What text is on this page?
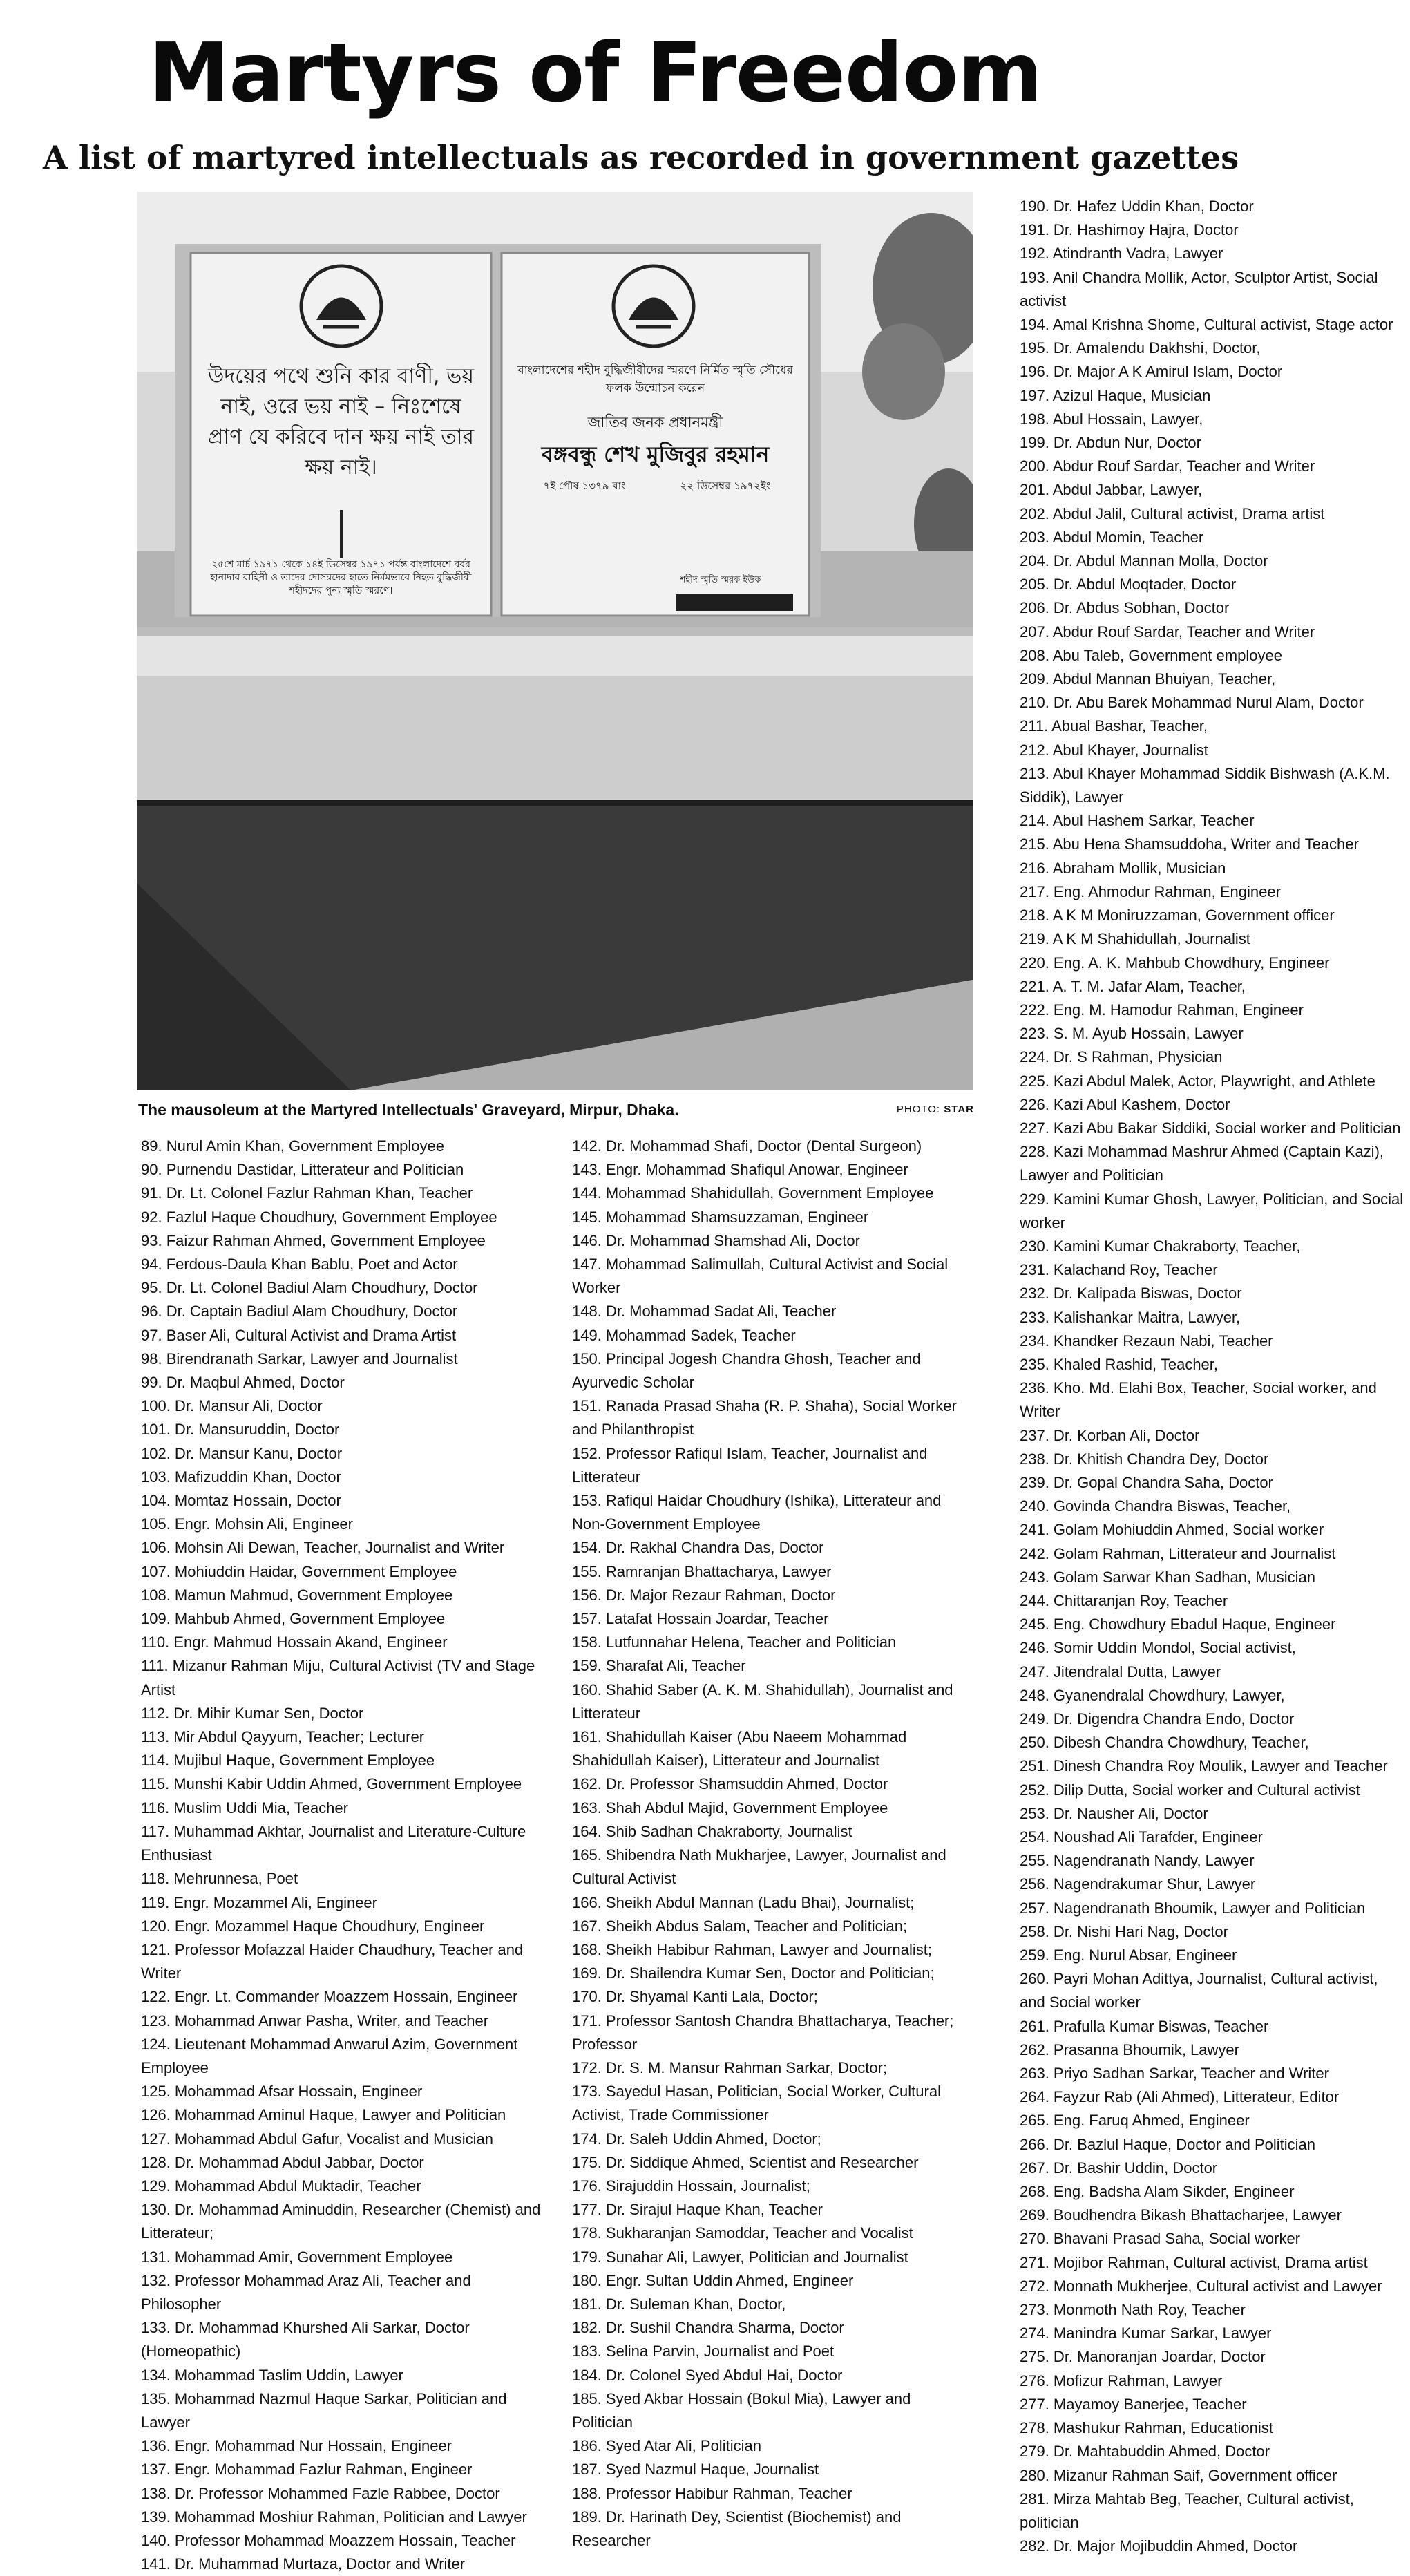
Martyrs of Freedom
A list of martyred intellectuals as recorded in government gazettes
উদয়ের পথে শুনি কার বাণী, ভয় নাই, ওরে ভয় নাই – নিঃশেষে প্রাণ যে করিবে দান ক্ষয় নাই তার ক্ষয় নাই।
২৫শে মার্চ ১৯৭১ থেকে ১৪ই ডিসেম্বর ১৯৭১ পর্যন্ত বাংলাদেশে বর্বর হানাদার বাহিনী ও তাদের দোসরদের হাতে নির্মমভাবে নিহত বুদ্ধিজীবী শহীদদের পুন্য স্মৃতি স্মরণে।
বাংলাদেশের শহীদ বুদ্ধিজীবীদের স্মরণে নির্মিত স্মৃতি সৌধের ফলক উন্মোচন করেন
জাতির জনক প্রধানমন্ত্রী
বঙ্গবন্ধু শেখ মুজিবুর রহমান
৭ই পৌষ ১৩৭৯ বাং	২২ ডিসেম্বর ১৯৭২ইং
শহীদ স্মৃতি স্মরক ইউক
The mausoleum at the Martyred Intellectuals' Graveyard, Mirpur, Dhaka.	PHOTO: STAR
89. Nurul Amin Khan, Government Employee
90. Purnendu Dastidar, Litterateur and Politician
91. Dr. Lt. Colonel Fazlur Rahman Khan, Teacher
92. Fazlul Haque Choudhury, Government Employee
93. Faizur Rahman Ahmed, Government Employee
94. Ferdous-Daula Khan Bablu, Poet and Actor
95. Dr. Lt. Colonel Badiul Alam Choudhury, Doctor
96. Dr. Captain Badiul Alam Choudhury, Doctor
97. Baser Ali, Cultural Activist and Drama Artist
98. Birendranath Sarkar, Lawyer and Journalist
99. Dr. Maqbul Ahmed, Doctor
100. Dr. Mansur Ali, Doctor
101. Dr. Mansuruddin, Doctor
102. Dr. Mansur Kanu, Doctor
103. Mafizuddin Khan, Doctor
104. Momtaz Hossain, Doctor
105. Engr. Mohsin Ali, Engineer
106. Mohsin Ali Dewan, Teacher, Journalist and Writer
107. Mohiuddin Haidar, Government Employee
108. Mamun Mahmud, Government Employee
109. Mahbub Ahmed, Government Employee
110. Engr. Mahmud Hossain Akand, Engineer
111. Mizanur Rahman Miju, Cultural Activist (TV and Stage Artist
112. Dr. Mihir Kumar Sen, Doctor
113. Mir Abdul Qayyum, Teacher; Lecturer
114. Mujibul Haque, Government Employee
115. Munshi Kabir Uddin Ahmed, Government Employee
116. Muslim Uddi Mia, Teacher
117. Muhammad Akhtar, Journalist and Literature-Culture Enthusiast
118. Mehrunnesa, Poet
119. Engr. Mozammel Ali, Engineer
120. Engr. Mozammel Haque Choudhury, Engineer
121. Professor Mofazzal Haider Chaudhury, Teacher and Writer
122. Engr. Lt. Commander Moazzem Hossain, Engineer
123. Mohammad Anwar Pasha, Writer, and Teacher
124. Lieutenant Mohammad Anwarul Azim, Government Employee
125. Mohammad Afsar Hossain, Engineer
126. Mohammad Aminul Haque, Lawyer and Politician
127. Mohammad Abdul Gafur, Vocalist and Musician
128. Dr. Mohammad Abdul Jabbar, Doctor
129. Mohammad Abdul Muktadir, Teacher
130. Dr. Mohammad Aminuddin, Researcher (Chemist) and Litterateur;
131. Mohammad Amir, Government Employee
132. Professor Mohammad Araz Ali, Teacher and Philosopher
133. Dr. Mohammad Khurshed Ali Sarkar, Doctor (Homeopathic)
134. Mohammad Taslim Uddin, Lawyer
135. Mohammad Nazmul Haque Sarkar, Politician and Lawyer
136. Engr. Mohammad Nur Hossain, Engineer
137. Engr. Mohammad Fazlur Rahman, Engineer
138. Dr. Professor Mohammed Fazle Rabbee, Doctor
139. Mohammad Moshiur Rahman, Politician and Lawyer
140. Professor Mohammad Moazzem Hossain, Teacher
141. Dr. Muhammad Murtaza, Doctor and Writer
142. Dr. Mohammad Shafi, Doctor (Dental Surgeon)
143. Engr. Mohammad Shafiqul Anowar, Engineer
144. Mohammad Shahidullah, Government Employee
145. Mohammad Shamsuzzaman, Engineer
146. Dr. Mohammad Shamshad Ali, Doctor
147. Mohammad Salimullah, Cultural Activist and Social Worker
148. Dr. Mohammad Sadat Ali, Teacher
149. Mohammad Sadek, Teacher
150. Principal Jogesh Chandra Ghosh, Teacher and Ayurvedic Scholar
151. Ranada Prasad Shaha (R. P. Shaha), Social Worker and Philanthropist
152. Professor Rafiqul Islam, Teacher, Journalist and Litterateur
153. Rafiqul Haidar Choudhury (Ishika), Litterateur and Non-Government Employee
154. Dr. Rakhal Chandra Das, Doctor
155. Ramranjan Bhattacharya, Lawyer
156. Dr. Major Rezaur Rahman, Doctor
157. Latafat Hossain Joardar, Teacher
158. Lutfunnahar Helena, Teacher and Politician
159. Sharafat Ali, Teacher
160. Shahid Saber (A. K. M. Shahidullah), Journalist and Litterateur
161. Shahidullah Kaiser (Abu Naeem Mohammad Shahidullah Kaiser), Litterateur and Journalist
162. Dr. Professor Shamsuddin Ahmed, Doctor
163. Shah Abdul Majid, Government Employee
164. Shib Sadhan Chakraborty, Journalist
165. Shibendra Nath Mukharjee, Lawyer, Journalist and Cultural Activist
166. Sheikh Abdul Mannan (Ladu Bhai), Journalist;
167. Sheikh Abdus Salam, Teacher and Politician;
168. Sheikh Habibur Rahman, Lawyer and Journalist;
169. Dr. Shailendra Kumar Sen, Doctor and Politician;
170. Dr. Shyamal Kanti Lala, Doctor;
171. Professor Santosh Chandra Bhattacharya, Teacher; Professor
172. Dr. S. M. Mansur Rahman Sarkar, Doctor;
173. Sayedul Hasan, Politician, Social Worker, Cultural Activist, Trade Commissioner
174. Dr. Saleh Uddin Ahmed, Doctor;
175. Dr. Siddique Ahmed, Scientist and Researcher
176. Sirajuddin Hossain, Journalist;
177. Dr. Sirajul Haque Khan, Teacher
178. Sukharanjan Samoddar, Teacher and Vocalist
179. Sunahar Ali, Lawyer, Politician and Journalist
180. Engr. Sultan Uddin Ahmed, Engineer
181. Dr. Suleman Khan, Doctor,
182. Dr. Sushil Chandra Sharma, Doctor
183. Selina Parvin, Journalist and Poet
184. Dr. Colonel Syed Abdul Hai, Doctor
185. Syed Akbar Hossain (Bokul Mia), Lawyer and Politician
186. Syed Atar Ali, Politician
187. Syed Nazmul Haque, Journalist
188. Professor Habibur Rahman, Teacher
189. Dr. Harinath Dey, Scientist (Biochemist) and Researcher
190. Dr. Hafez Uddin Khan, Doctor
191. Dr. Hashimoy Hajra, Doctor
192. Atindranth Vadra, Lawyer
193. Anil Chandra Mollik, Actor, Sculptor Artist, Social activist
194. Amal Krishna Shome, Cultural activist, Stage actor
195. Dr. Amalendu Dakhshi, Doctor,
196. Dr. Major A K Amirul Islam, Doctor
197. Azizul Haque, Musician
198. Abul Hossain, Lawyer,
199. Dr. Abdun Nur, Doctor
200. Abdur Rouf Sardar, Teacher and Writer
201. Abdul Jabbar, Lawyer,
202. Abdul Jalil, Cultural activist, Drama artist
203. Abdul Momin, Teacher
204. Dr. Abdul Mannan Molla, Doctor
205. Dr. Abdul Moqtader, Doctor
206. Dr. Abdus Sobhan, Doctor
207. Abdur Rouf Sardar, Teacher and Writer
208. Abu Taleb, Government employee
209. Abdul Mannan Bhuiyan, Teacher,
210. Dr. Abu Barek Mohammad Nurul Alam, Doctor
211. Abual Bashar, Teacher,
212. Abul Khayer, Journalist
213. Abul Khayer Mohammad Siddik Bishwash (A.K.M. Siddik), Lawyer
214. Abul Hashem Sarkar, Teacher
215. Abu Hena Shamsuddoha, Writer and Teacher
216. Abraham Mollik, Musician
217. Eng. Ahmodur Rahman, Engineer
218. A K M Moniruzzaman, Government officer
219. A K M Shahidullah, Journalist
220. Eng. A. K. Mahbub Chowdhury, Engineer
221. A. T. M. Jafar Alam, Teacher,
222. Eng. M. Hamodur Rahman, Engineer
223. S. M. Ayub Hossain, Lawyer
224. Dr. S Rahman, Physician
225. Kazi Abdul Malek, Actor, Playwright, and Athlete
226. Kazi Abul Kashem, Doctor
227. Kazi Abu Bakar Siddiki, Social worker and Politician
228. Kazi Mohammad Mashrur Ahmed (Captain Kazi), Lawyer and Politician
229. Kamini Kumar Ghosh, Lawyer, Politician, and Social worker
230. Kamini Kumar Chakraborty, Teacher,
231. Kalachand Roy, Teacher
232. Dr. Kalipada Biswas, Doctor
233. Kalishankar Maitra, Lawyer,
234. Khandker Rezaun Nabi, Teacher
235. Khaled Rashid, Teacher,
236. Kho. Md. Elahi Box, Teacher, Social worker, and Writer
237. Dr. Korban Ali, Doctor
238. Dr. Khitish Chandra Dey, Doctor
239. Dr. Gopal Chandra Saha, Doctor
240. Govinda Chandra Biswas, Teacher,
241. Golam Mohiuddin Ahmed, Social worker
242. Golam Rahman, Litterateur and Journalist
243. Golam Sarwar Khan Sadhan, Musician
244. Chittaranjan Roy, Teacher
245. Eng. Chowdhury Ebadul Haque, Engineer
246. Somir Uddin Mondol, Social activist,
247. Jitendralal Dutta, Lawyer
248. Gyanendralal Chowdhury, Lawyer,
249. Dr. Digendra Chandra Endo, Doctor
250. Dibesh Chandra Chowdhury, Teacher,
251. Dinesh Chandra Roy Moulik, Lawyer and Teacher
252. Dilip Dutta, Social worker and Cultural activist
253. Dr. Nausher Ali, Doctor
254. Noushad Ali Tarafder, Engineer
255. Nagendranath Nandy, Lawyer
256. Nagendrakumar Shur, Lawyer
257. Nagendranath Bhoumik, Lawyer and Politician
258. Dr. Nishi Hari Nag, Doctor
259. Eng. Nurul Absar, Engineer
260. Payri Mohan Adittya, Journalist, Cultural activist, and Social worker
261. Prafulla Kumar Biswas, Teacher
262. Prasanna Bhoumik, Lawyer
263. Priyo Sadhan Sarkar, Teacher and Writer
264. Fayzur Rab (Ali Ahmed), Litterateur, Editor
265. Eng. Faruq Ahmed, Engineer
266. Dr. Bazlul Haque, Doctor and Politician
267. Dr. Bashir Uddin, Doctor
268. Eng. Badsha Alam Sikder, Engineer
269. Boudhendra Bikash Bhattacharjee, Lawyer
270. Bhavani Prasad Saha, Social worker
271. Mojibor Rahman, Cultural activist, Drama artist
272. Monnath Mukherjee, Cultural activist and Lawyer
273. Monmoth Nath Roy, Teacher
274. Manindra Kumar Sarkar, Lawyer
275. Dr. Manoranjan Joardar, Doctor
276. Mofizur Rahman, Lawyer
277. Mayamoy Banerjee, Teacher
278. Mashukur Rahman, Educationist
279. Dr. Mahtabuddin Ahmed, Doctor
280. Mizanur Rahman Saif, Government officer
281. Mirza Mahtab Beg, Teacher, Cultural activist, politician
282. Dr. Major Mojibuddin Ahmed, Doctor
